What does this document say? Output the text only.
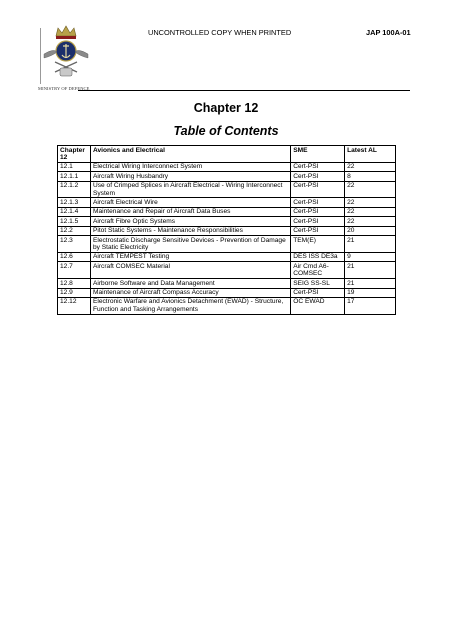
MINISTRY OF DEFENCE
UNCONTROLLED COPY WHEN PRINTED	JAP 100A-01
Chapter 12
Table of Contents
Chapter 12	Avionics and Electrical	SME	Latest AL
12.1	Electrical Wiring Interconnect System	Cert-PSI	22
12.1.1	Aircraft Wiring Husbandry	Cert-PSI	8
12.1.2	Use of Crimped Splices in Aircraft Electrical - Wiring Interconnect System	Cert-PSI	22
12.1.3	Aircraft Electrical Wire	Cert-PSI	22
12.1.4	Maintenance and Repair of Aircraft Data Buses	Cert-PSI	22
12.1.5	Aircraft Fibre Optic Systems	Cert-PSI	22
12.2	Pitot Static Systems - Maintenance Responsibilities	Cert-PSI	20
12.3	Electrostatic Discharge Sensitive Devices - Prevention of Damage by Static Electricity	TEM(E)	21
12.6	Aircraft TEMPEST Testing	DES ISS DE3a	9
12.7	Aircraft COMSEC Material	Air Cmd A6-COMSEC	21
12.8	Airborne Software and Data Management	SEIG SS-SL	21
12.9	Maintenance of Aircraft Compass Accuracy	Cert-PSI	19
12.12	Electronic Warfare and Avionics Detachment (EWAD) - Structure, Function and Tasking Arrangements	OC EWAD	17
